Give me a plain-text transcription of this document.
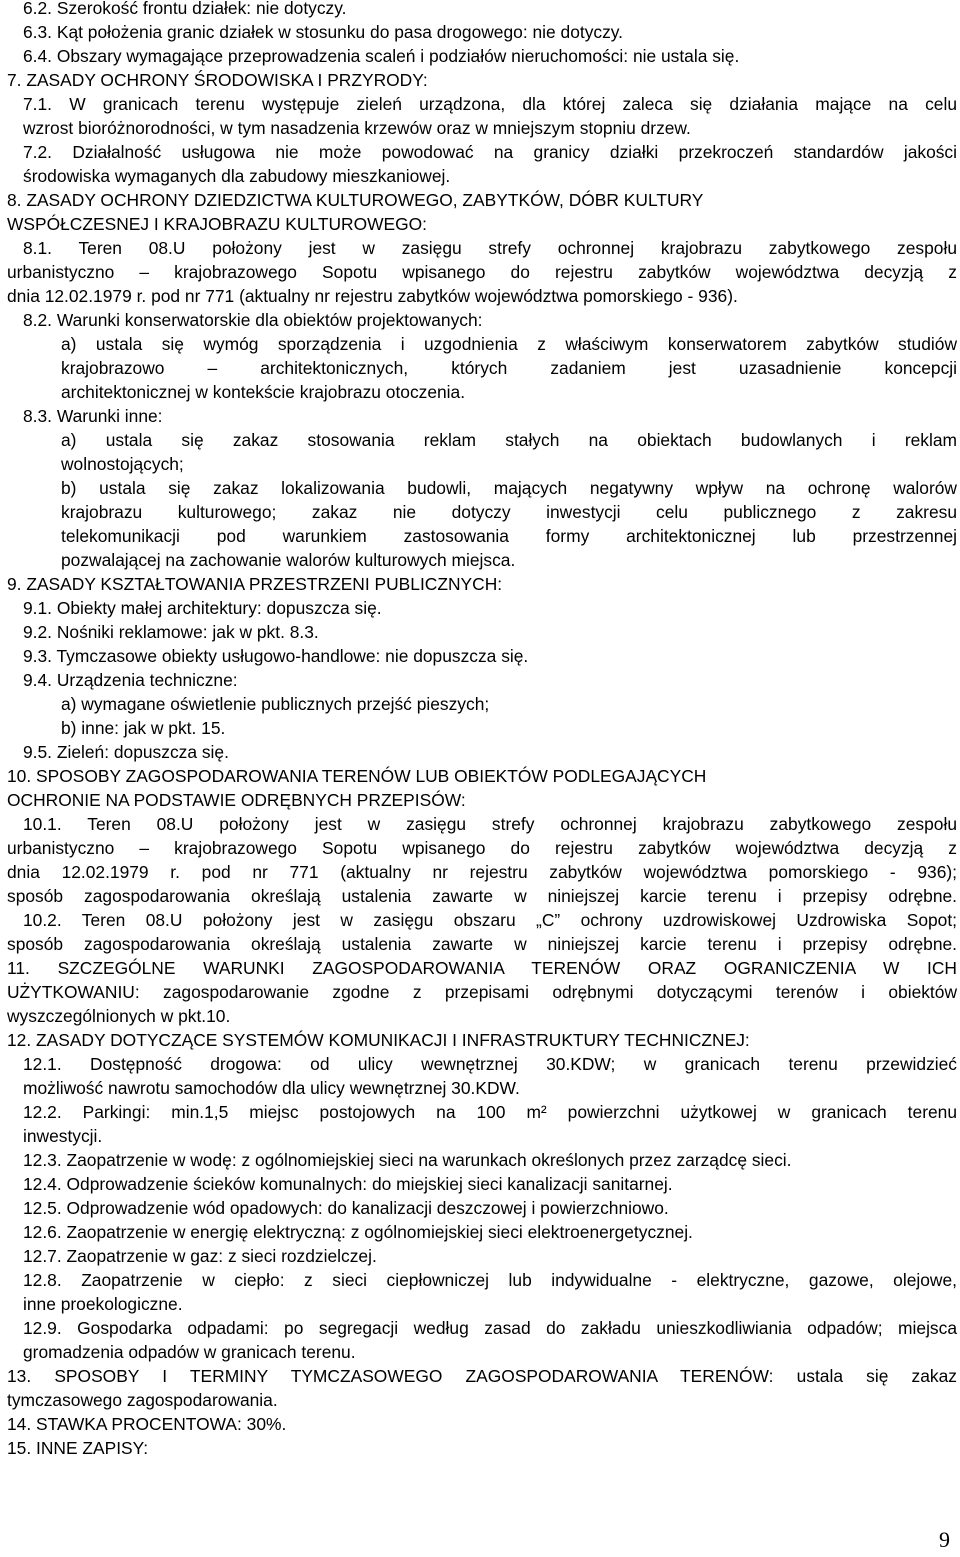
9
6.2. Szerokość frontu działek: nie dotyczy.
6.3. Kąt położenia granic działek w stosunku do pasa drogowego: nie dotyczy.
6.4. Obszary wymagające przeprowadzenia scaleń i podziałów nieruchomości: nie ustala się.
7. ZASADY OCHRONY ŚRODOWISKA I PRZYRODY:
7.1. W granicach terenu występuje zieleń urządzona, dla której zaleca się działania mające na celu
wzrost bioróżnorodności, w tym nasadzenia krzewów oraz w mniejszym stopniu drzew.
7.2. Działalność usługowa nie może powodować na granicy działki przekroczeń standardów jakości
środowiska wymaganych dla zabudowy mieszkaniowej.
8. ZASADY OCHRONY DZIEDZICTWA KULTUROWEGO, ZABYTKÓW, DÓBR KULTURY
WSPÓŁCZESNEJ I KRAJOBRAZU KULTUROWEGO:
8.1. Teren 08.U położony jest w zasięgu strefy ochronnej krajobrazu zabytkowego zespołu
urbanistyczno – krajobrazowego Sopotu wpisanego do rejestru zabytków województwa decyzją z
dnia 12.02.1979 r. pod nr 771 (aktualny nr rejestru zabytków województwa pomorskiego - 936).
8.2. Warunki konserwatorskie dla obiektów projektowanych:
a) ustala się wymóg sporządzenia i uzgodnienia z właściwym konserwatorem zabytków studiów
krajobrazowo – architektonicznych, których zadaniem jest uzasadnienie koncepcji
architektonicznej w kontekście krajobrazu otoczenia.
8.3. Warunki inne:
a) ustala się zakaz stosowania reklam stałych na obiektach budowlanych i reklam
wolnostojących;
b) ustala się zakaz lokalizowania budowli, mających negatywny wpływ na ochronę walorów
krajobrazu kulturowego; zakaz nie dotyczy inwestycji celu publicznego z zakresu
telekomunikacji pod warunkiem zastosowania formy architektonicznej lub przestrzennej
pozwalającej na zachowanie walorów kulturowych miejsca.
9. ZASADY KSZTAŁTOWANIA PRZESTRZENI PUBLICZNYCH:
9.1. Obiekty małej architektury: dopuszcza się.
9.2. Nośniki reklamowe: jak w pkt. 8.3.
9.3. Tymczasowe obiekty usługowo-handlowe: nie dopuszcza się.
9.4. Urządzenia techniczne:
a) wymagane oświetlenie publicznych przejść pieszych;
b) inne: jak w pkt. 15.
9.5. Zieleń: dopuszcza się.
10. SPOSOBY ZAGOSPODAROWANIA TERENÓW LUB OBIEKTÓW PODLEGAJĄCYCH
OCHRONIE NA PODSTAWIE ODRĘBNYCH PRZEPISÓW:
10.1. Teren 08.U położony jest w zasięgu strefy ochronnej krajobrazu zabytkowego zespołu
urbanistyczno – krajobrazowego Sopotu wpisanego do rejestru zabytków województwa decyzją z
dnia 12.02.1979 r. pod nr 771 (aktualny nr rejestru zabytków województwa pomorskiego - 936);
sposób zagospodarowania określają ustalenia zawarte w niniejszej karcie terenu i przepisy odrębne.
10.2. Teren 08.U położony jest w zasięgu obszaru „C” ochrony uzdrowiskowej Uzdrowiska Sopot;
sposób zagospodarowania określają ustalenia zawarte w niniejszej karcie terenu i przepisy odrębne.
11. SZCZEGÓLNE WARUNKI ZAGOSPODAROWANIA TERENÓW ORAZ OGRANICZENIA W ICH
UŻYTKOWANIU: zagospodarowanie zgodne z przepisami odrębnymi dotyczącymi terenów i obiektów
wyszczególnionych w pkt.10.
12. ZASADY DOTYCZĄCE SYSTEMÓW KOMUNIKACJI I INFRASTRUKTURY TECHNICZNEJ:
12.1. Dostępność drogowa: od ulicy wewnętrznej 30.KDW; w granicach terenu przewidzieć
możliwość nawrotu samochodów dla ulicy wewnętrznej 30.KDW.
12.2. Parkingi: min.1,5 miejsc postojowych na 100 m² powierzchni użytkowej w granicach terenu
inwestycji.
12.3. Zaopatrzenie w wodę: z ogólnomiejskiej sieci na warunkach określonych przez zarządcę sieci.
12.4. Odprowadzenie ścieków komunalnych: do miejskiej sieci kanalizacji sanitarnej.
12.5. Odprowadzenie wód opadowych: do kanalizacji deszczowej i powierzchniowo.
12.6. Zaopatrzenie w energię elektryczną: z ogólnomiejskiej sieci elektroenergetycznej.
12.7. Zaopatrzenie w gaz: z sieci rozdzielczej.
12.8. Zaopatrzenie w ciepło: z sieci ciepłowniczej lub indywidualne - elektryczne, gazowe, olejowe,
inne proekologiczne.
12.9. Gospodarka odpadami: po segregacji według zasad do zakładu unieszkodliwiania odpadów; miejsca
gromadzenia odpadów w granicach terenu.
13. SPOSOBY I TERMINY TYMCZASOWEGO ZAGOSPODAROWANIA TERENÓW: ustala się zakaz
tymczasowego zagospodarowania.
14. STAWKA PROCENTOWA: 30%.
15. INNE ZAPISY:
